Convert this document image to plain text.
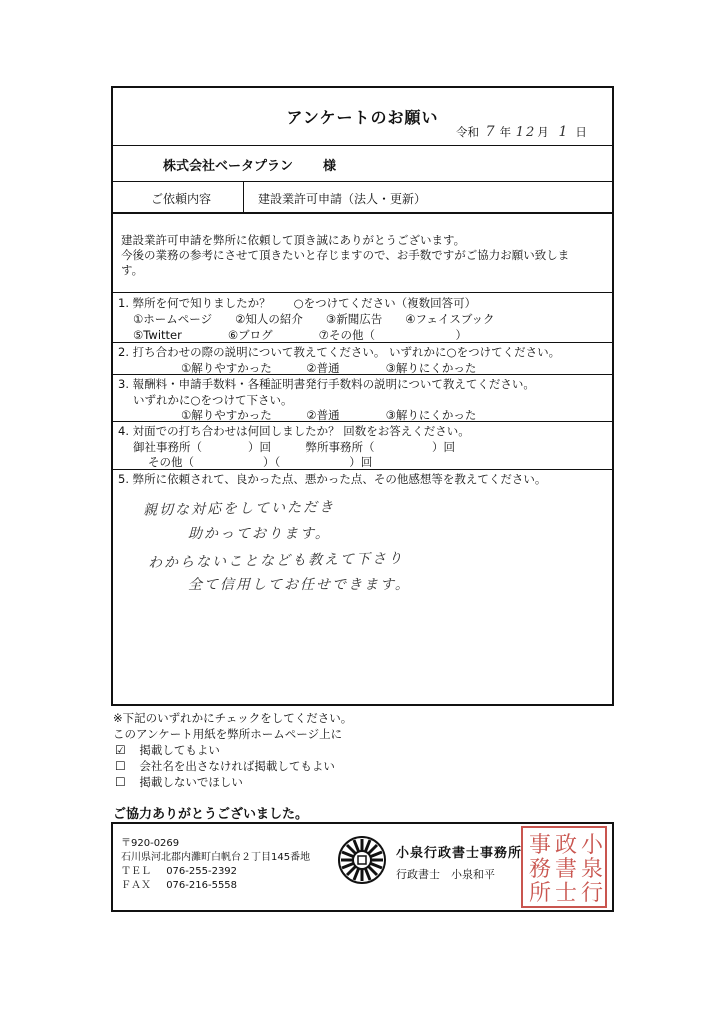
アンケートのお願い
令和 7 年 12月 1 日
株式会社ベータプラン 様
ご依頼内容	建設業許可申請（法人・更新）
建設業許可申請を弊所に依頼して頂き誠にありがとうございます。
今後の業務の参考にさせて頂きたいと存じますので、お手数ですがご協力お願い致しま
す。
1. 弊所を何で知りましたか？　　○をつけてください（複数回答可）
①ホームページ　　②知人の紹介　　③新聞広告　　④フェイスブック
⑤Twitter　　　　⑥ブログ　　　　⑦その他（　　　　　　　）
2. 打ち合わせの際の説明について教えてください。 いずれかに○をつけてください。
①解りやすかった　　　②普通　　　　③解りにくかった
3. 報酬料・申請手数料・各種証明書発行手数料の説明について教えてください。
いずれかに○をつけて下さい。
①解りやすかった　　　②普通　　　　③解りにくかった
4. 対面での打ち合わせは何回しましたか？ 回数をお答えください。
御社事務所（　　　　）回　　　弊所事務所（　　　　　）回
その他（　　　　　　）（　　　　　　）回
5. 弊所に依頼されて、良かった点、悪かった点、その他感想等を教えてください。
親切な対応をしていただき
助かっております。
わからないことなども教えて下さり
全て信用してお任せできます。
※下記のいずれかにチェックをしてください。
このアンケート用紙を弊所ホームページ上に
☑ 掲載してもよい
☐ 会社名を出さなければ掲載してもよい
☐ 掲載しないでほしい
ご協力ありがとうございました。
〒920-0269
石川県河北郡内灘町白帆台２丁目145番地
ＴＥＬ 076-255-2392
ＦＡＸ 076-216-5558
小泉行政書士事務所
行政書士　小泉和平
小
泉
行
政
書
士
事
務
所
